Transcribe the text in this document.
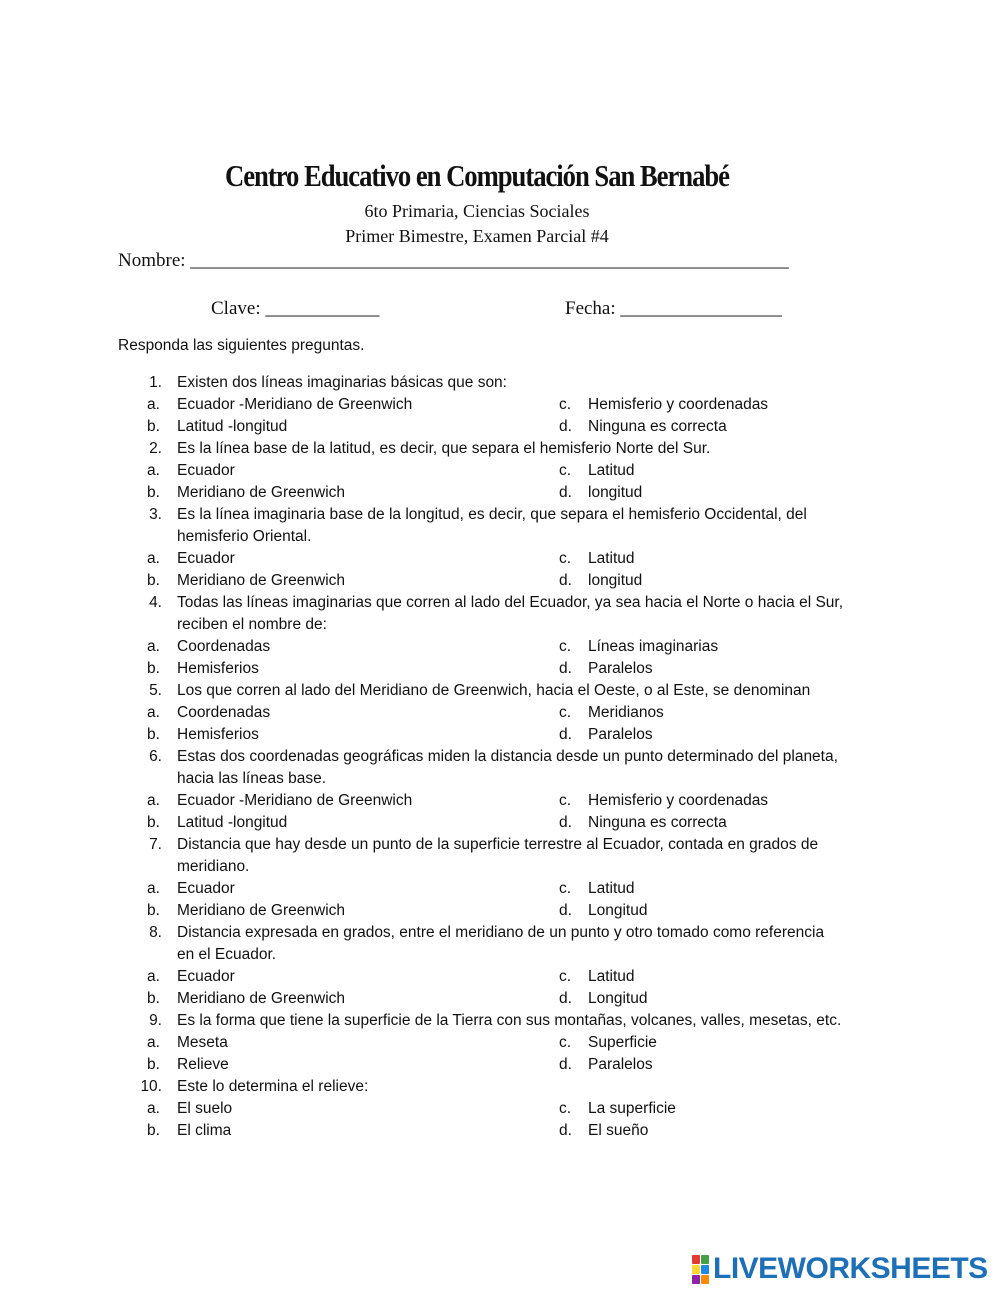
Centro Educativo en Computación San Bernabé
6to Primaria, Ciencias Sociales
Primer Bimestre, Examen Parcial #4
Nombre: _______________________________________________________________
Clave: ____________	Fecha: _________________
Responda las siguientes preguntas.
1. Existen dos líneas imaginarias básicas que son:
a. Ecuador -Meridiano de Greenwich	c. Hemisferio y coordenadas
b. Latitud -longitud	d. Ninguna es correcta
2. Es la línea base de la latitud, es decir, que separa el hemisferio Norte del Sur.
a. Ecuador	c. Latitud
b. Meridiano de Greenwich	d. longitud
3. Es la línea imaginaria base de la longitud, es decir, que separa el hemisferio Occidental, del
hemisferio Oriental.
a. Ecuador	c. Latitud
b. Meridiano de Greenwich	d. longitud
4. Todas las líneas imaginarias que corren al lado del Ecuador, ya sea hacia el Norte o hacia el Sur,
reciben el nombre de:
a. Coordenadas	c. Líneas imaginarias
b. Hemisferios	d. Paralelos
5. Los que corren al lado del Meridiano de Greenwich, hacia el Oeste, o al Este, se denominan
a. Coordenadas	c. Meridianos
b. Hemisferios	d. Paralelos
6. Estas dos coordenadas geográficas miden la distancia desde un punto determinado del planeta,
hacia las líneas base.
a. Ecuador -Meridiano de Greenwich	c. Hemisferio y coordenadas
b. Latitud -longitud	d. Ninguna es correcta
7. Distancia que hay desde un punto de la superficie terrestre al Ecuador, contada en grados de
meridiano.
a. Ecuador	c. Latitud
b. Meridiano de Greenwich	d. Longitud
8. Distancia expresada en grados, entre el meridiano de un punto y otro tomado como referencia
en el Ecuador.
a. Ecuador	c. Latitud
b. Meridiano de Greenwich	d. Longitud
9. Es la forma que tiene la superficie de la Tierra con sus montañas, volcanes, valles, mesetas, etc.
a. Meseta	c. Superficie
b. Relieve	d. Paralelos
10. Este lo determina el relieve:
a. El suelo	c. La superficie
b. El clima	d. El sueño
LIVEWORKSHEETS
